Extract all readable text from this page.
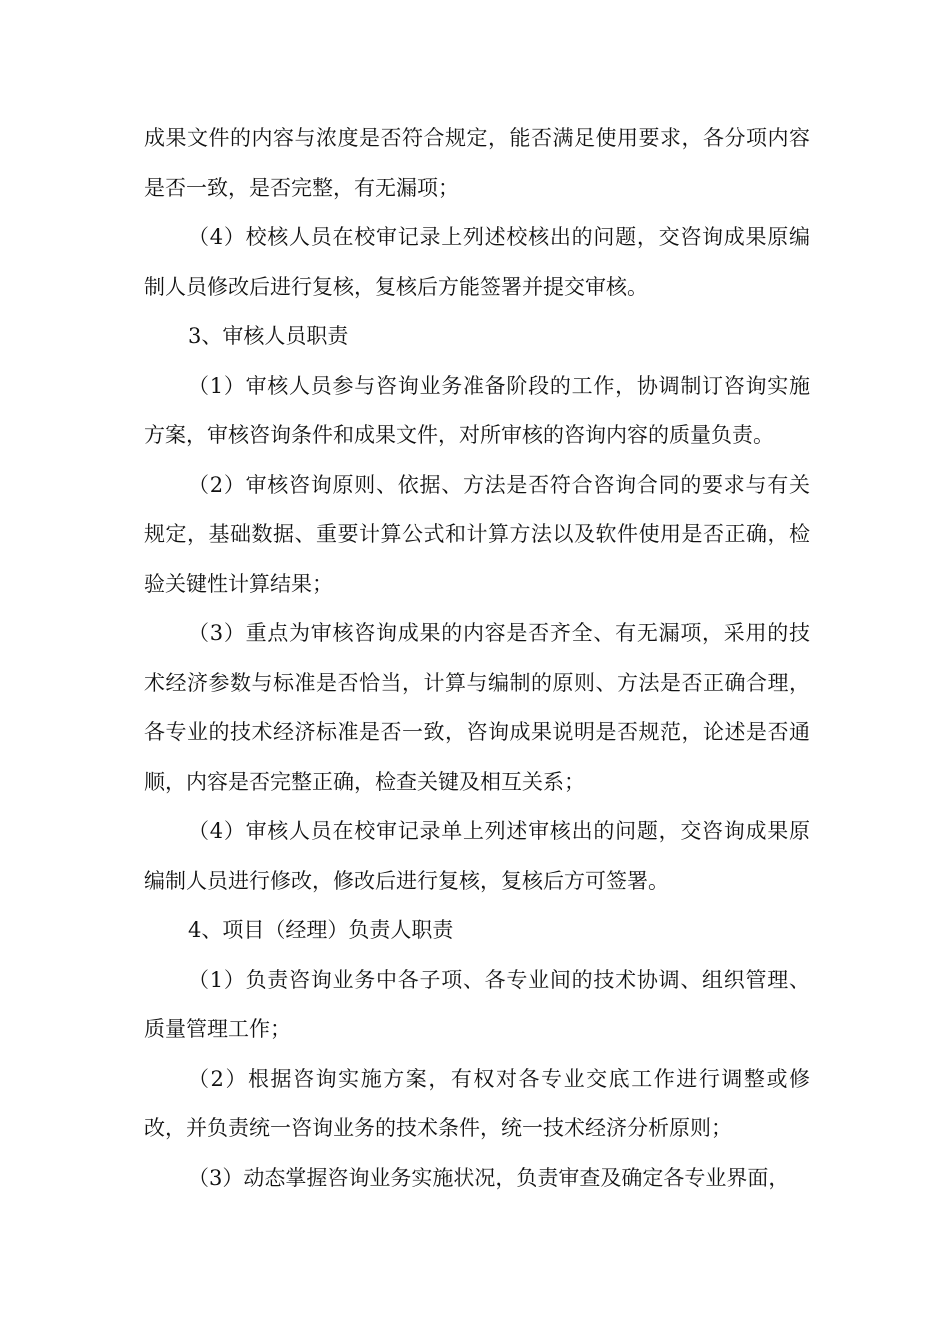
成果文件的内容与浓度是否符合规定，能否满足使用要求，各分项内容是否一致，是否完整，有无漏项；

（4）校核人员在校审记录上列述校核出的问题，交咨询成果原编制人员修改后进行复核，复核后方能签署并提交审核。

3、审核人员职责

（1）审核人员参与咨询业务准备阶段的工作，协调制订咨询实施方案，审核咨询条件和成果文件，对所审核的咨询内容的质量负责。

（2）审核咨询原则、依据、方法是否符合咨询合同的要求与有关规定，基础数据、重要计算公式和计算方法以及软件使用是否正确，检验关键性计算结果；

（3）重点为审核咨询成果的内容是否齐全、有无漏项，采用的技术经济参数与标准是否恰当，计算与编制的原则、方法是否正确合理，各专业的技术经济标准是否一致，咨询成果说明是否规范，论述是否通顺，内容是否完整正确，检查关键及相互关系；

（4）审核人员在校审记录单上列述审核出的问题，交咨询成果原编制人员进行修改，修改后进行复核，复核后方可签署。

4、项目（经理）负责人职责

（1）负责咨询业务中各子项、各专业间的技术协调、组织管理、质量管理工作；

（2）根据咨询实施方案，有权对各专业交底工作进行调整或修改，并负责统一咨询业务的技术条件，统一技术经济分析原则；

（3）动态掌握咨询业务实施状况，负责审查及确定各专业界面，
